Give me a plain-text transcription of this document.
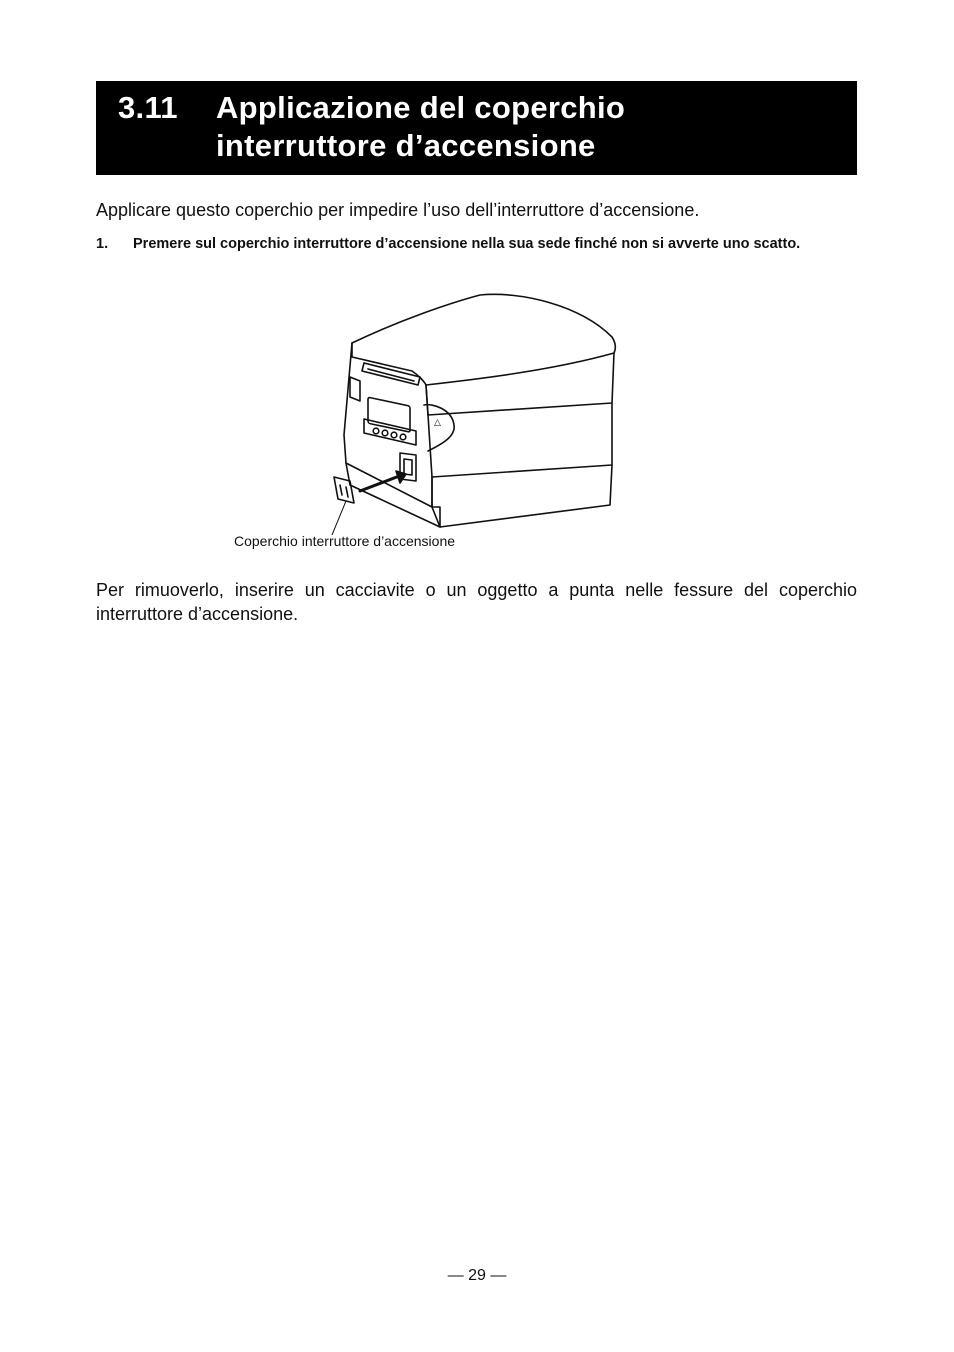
3.11 Applicazione del coperchio
interruttore d’accensione

Applicare questo coperchio per impedire l’uso dell’interruttore d’accensione.

1. Premere sul coperchio interruttore d’accensione nella sua sede finché non si avverte uno scatto.
△
Coperchio interruttore d’accensione

Per rimuoverlo, inserire un cacciavite o un oggetto a punta nelle fessure del coperchio interruttore d’accensione.

— 29 —
